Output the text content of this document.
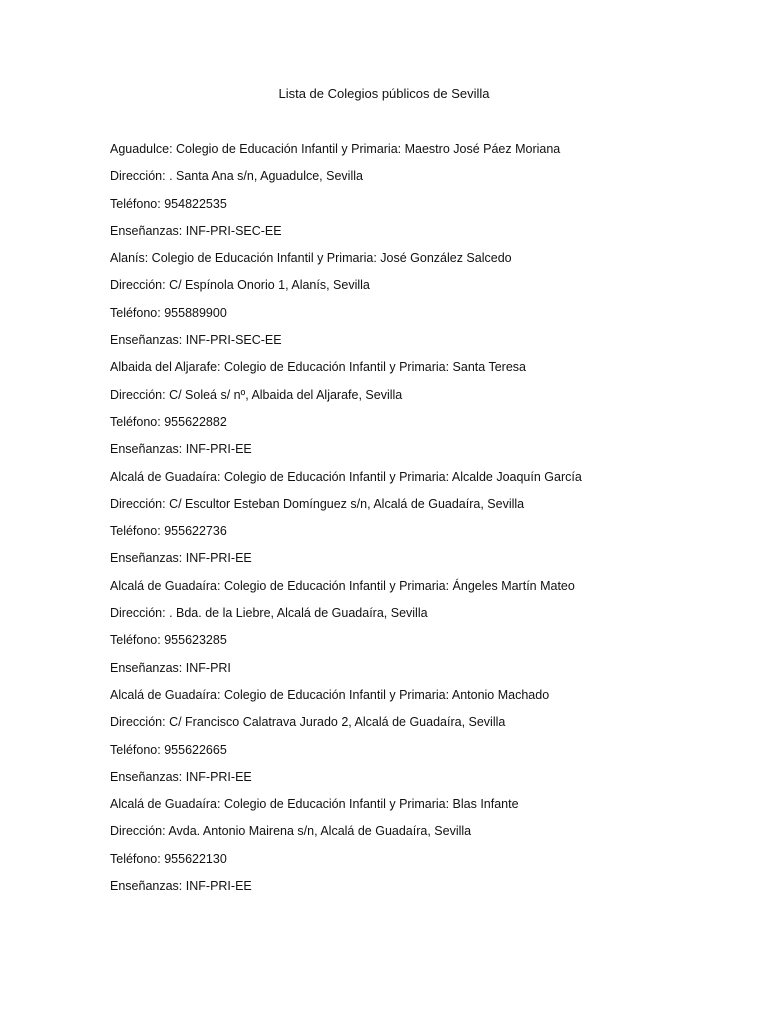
Lista de Colegios públicos de Sevilla

Aguadulce: Colegio de Educación Infantil y Primaria: Maestro José Páez Moriana

Dirección: . Santa Ana s/n, Aguadulce, Sevilla

Teléfono: 954822535

Enseñanzas: INF-PRI-SEC-EE

Alanís: Colegio de Educación Infantil y Primaria: José González Salcedo

Dirección: C/ Espínola Onorio 1, Alanís, Sevilla

Teléfono: 955889900

Enseñanzas: INF-PRI-SEC-EE

Albaida del Aljarafe: Colegio de Educación Infantil y Primaria: Santa Teresa

Dirección: C/ Soleá s/ nº, Albaida del Aljarafe, Sevilla

Teléfono: 955622882

Enseñanzas: INF-PRI-EE

Alcalá de Guadaíra: Colegio de Educación Infantil y Primaria: Alcalde Joaquín García

Dirección: C/ Escultor Esteban Domínguez s/n, Alcalá de Guadaíra, Sevilla

Teléfono: 955622736

Enseñanzas: INF-PRI-EE

Alcalá de Guadaíra: Colegio de Educación Infantil y Primaria: Ángeles Martín Mateo

Dirección: . Bda. de la Liebre, Alcalá de Guadaíra, Sevilla

Teléfono: 955623285

Enseñanzas: INF-PRI

Alcalá de Guadaíra: Colegio de Educación Infantil y Primaria: Antonio Machado

Dirección: C/ Francisco Calatrava Jurado 2, Alcalá de Guadaíra, Sevilla

Teléfono: 955622665

Enseñanzas: INF-PRI-EE

Alcalá de Guadaíra: Colegio de Educación Infantil y Primaria: Blas Infante

Dirección: Avda. Antonio Mairena s/n, Alcalá de Guadaíra, Sevilla

Teléfono: 955622130

Enseñanzas: INF-PRI-EE
